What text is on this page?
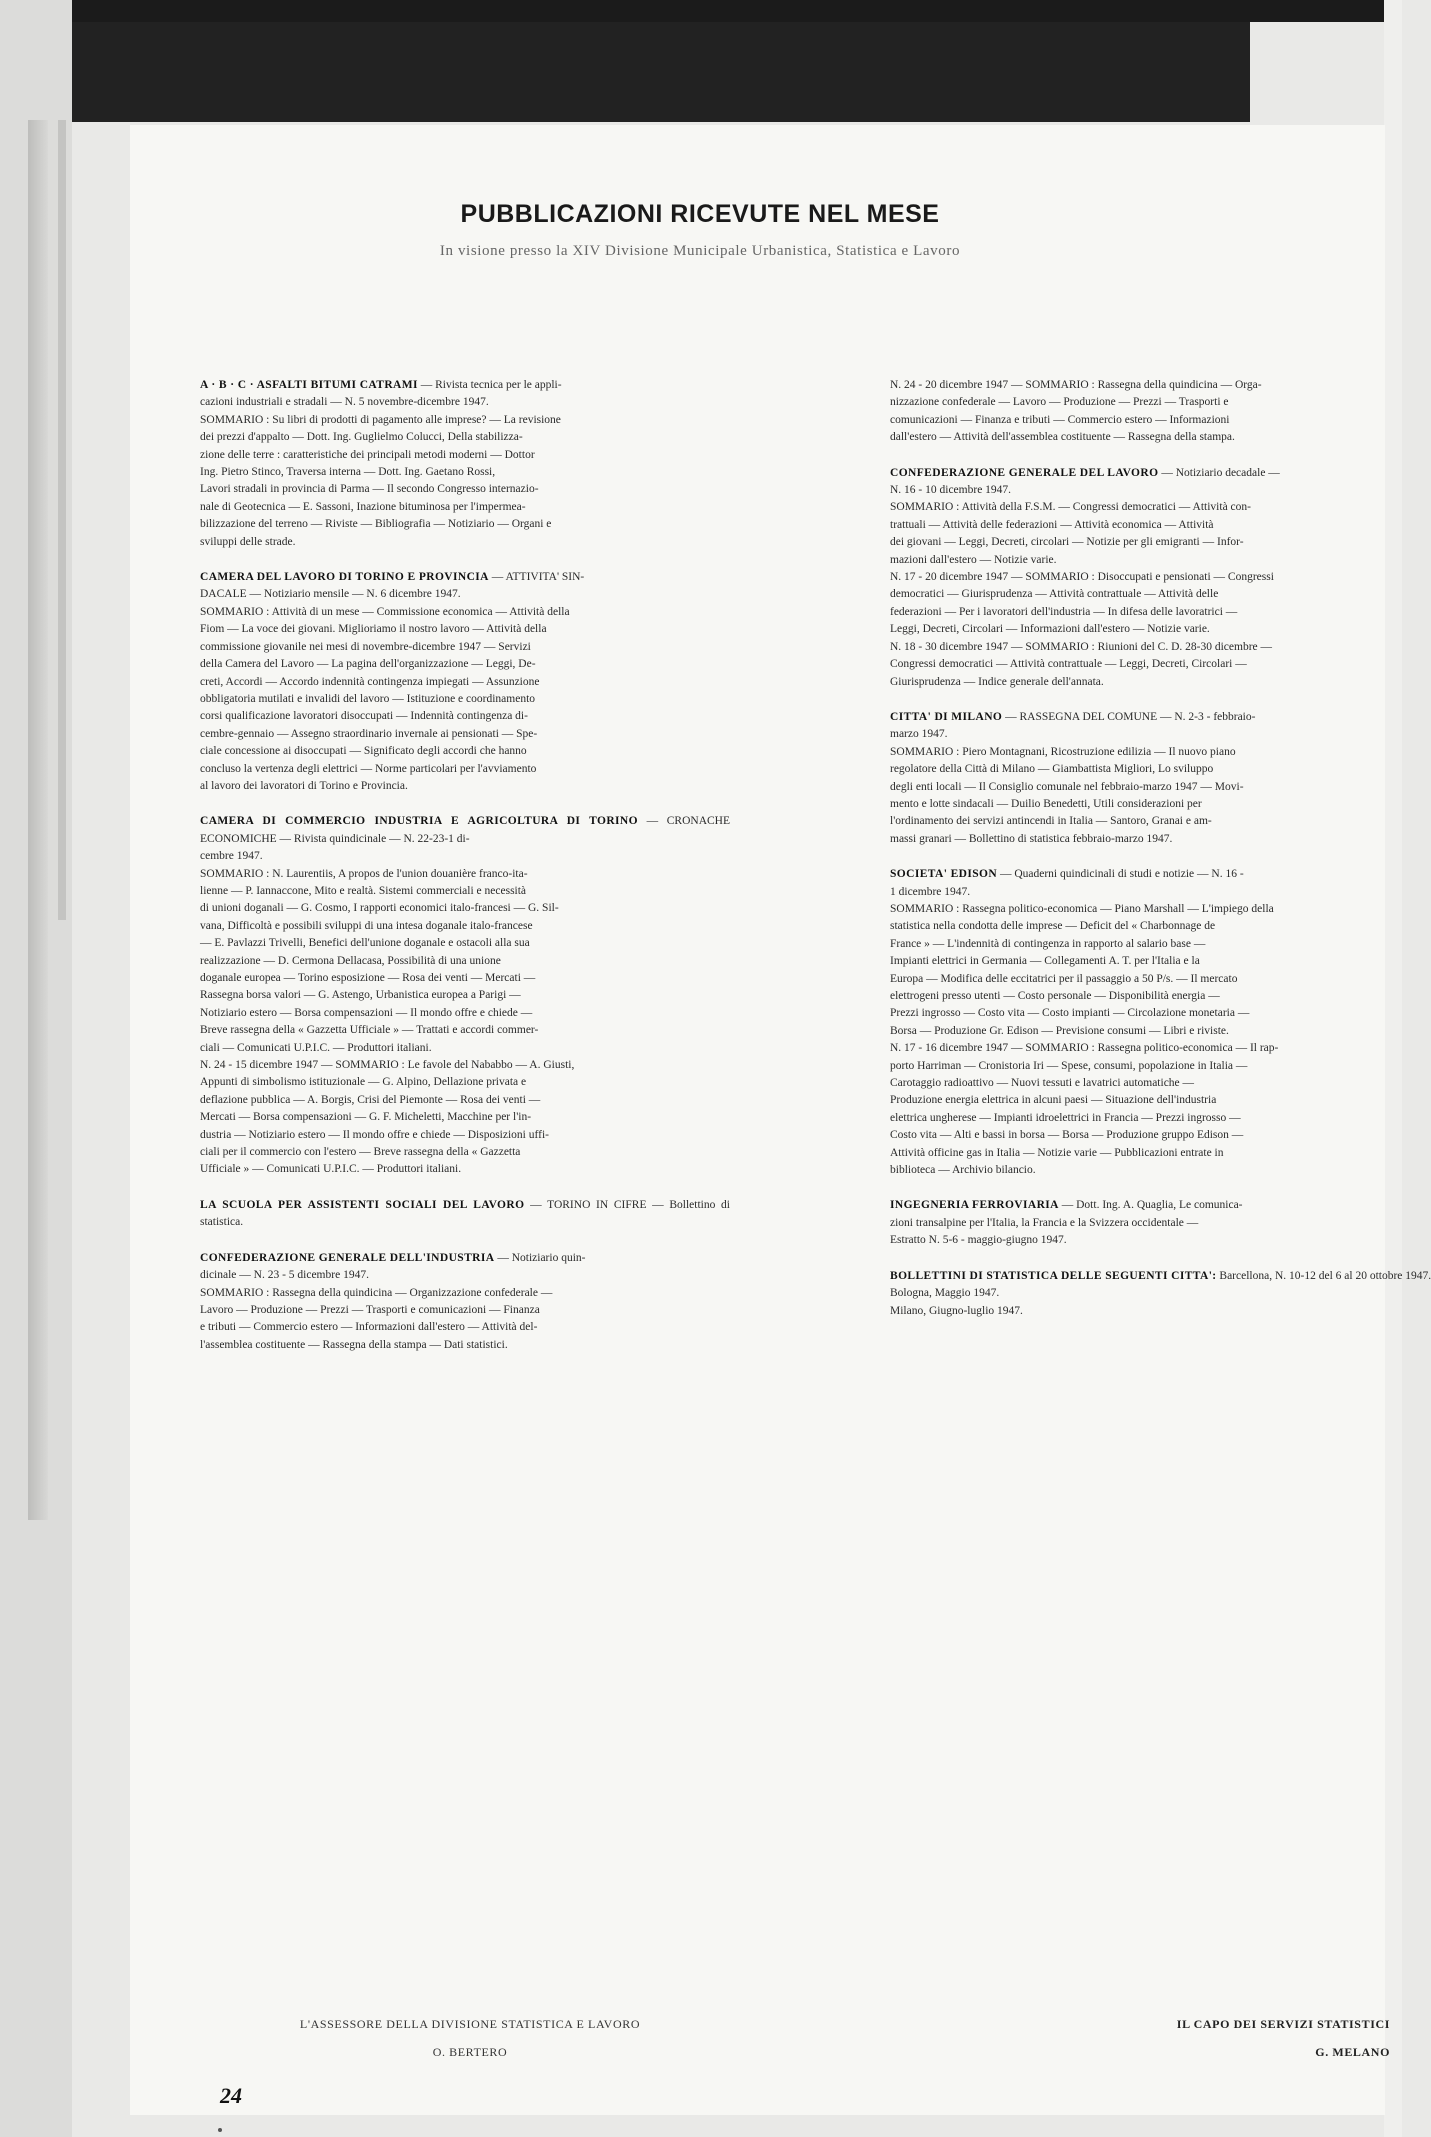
PUBBLICAZIONI RICEVUTE NEL MESE
In visione presso la XIV Divisione Municipale Urbanistica, Statistica e Lavoro

A · B · C · ASFALTI BITUMI CATRAMI — Rivista tecnica per le appli-

cazioni industriali e stradali — N. 5 novembre-dicembre 1947.

SOMMARIO : Su libri di prodotti di pagamento alle imprese? — La revisione

dei prezzi d'appalto — Dott. Ing. Guglielmo Colucci, Della stabilizza-

zione delle terre : caratteristiche dei principali metodi moderni — Dottor

Ing. Pietro Stinco, Traversa interna — Dott. Ing. Gaetano Rossi,

Lavori stradali in provincia di Parma — Il secondo Congresso internazio-

nale di Geotecnica — E. Sassoni, Inazione bituminosa per l'impermea-

bilizzazione del terreno — Riviste — Bibliografia — Notiziario — Organi e

sviluppi delle strade.

CAMERA DEL LAVORO DI TORINO E PROVINCIA — ATTIVITA' SIN-

DACALE — Notiziario mensile — N. 6 dicembre 1947.

SOMMARIO : Attività di un mese — Commissione economica — Attività della

Fiom — La voce dei giovani. Miglioriamo il nostro lavoro — Attività della

commissione giovanile nei mesi di novembre-dicembre 1947 — Servizi

della Camera del Lavoro — La pagina dell'organizzazione — Leggi, De-

creti, Accordi — Accordo indennità contingenza impiegati — Assunzione

obbligatoria mutilati e invalidi del lavoro — Istituzione e coordinamento

corsi qualificazione lavoratori disoccupati — Indennità contingenza di-

cembre-gennaio — Assegno straordinario invernale ai pensionati — Spe-

ciale concessione ai disoccupati — Significato degli accordi che hanno

concluso la vertenza degli elettrici — Norme particolari per l'avviamento

al lavoro dei lavoratori di Torino e Provincia.

CAMERA DI COMMERCIO INDUSTRIA E AGRICOLTURA DI TORINO — CRONACHE ECONOMICHE — Rivista quindicinale — N. 22-23-1 di-

cembre 1947.

SOMMARIO : N. Laurentiis, A propos de l'union douanière franco-ita-

lienne — P. Iannaccone, Mito e realtà. Sistemi commerciali e necessità

di unioni doganali — G. Cosmo, I rapporti economici italo-francesi — G. Sil-

vana, Difficoltà e possibili sviluppi di una intesa doganale italo-francese

— E. Pavlazzi Trivelli, Benefici dell'unione doganale e ostacoli alla sua

realizzazione — D. Cermona Dellacasa, Possibilità di una unione

doganale europea — Torino esposizione — Rosa dei venti — Mercati —

Rassegna borsa valori — G. Astengo, Urbanistica europea a Parigi —

Notiziario estero — Borsa compensazioni — Il mondo offre e chiede —

Breve rassegna della « Gazzetta Ufficiale » — Trattati e accordi commer-

ciali — Comunicati U.P.I.C. — Produttori italiani.

N. 24 - 15 dicembre 1947 — SOMMARIO : Le favole del Nababbo — A. Giusti,

Appunti di simbolismo istituzionale — G. Alpino, Dellazione privata e

deflazione pubblica — A. Borgis, Crisi del Piemonte — Rosa dei venti —

Mercati — Borsa compensazioni — G. F. Micheletti, Macchine per l'in-

dustria — Notiziario estero — Il mondo offre e chiede — Disposizioni uffi-

ciali per il commercio con l'estero — Breve rassegna della « Gazzetta

Ufficiale » — Comunicati U.P.I.C. — Produttori italiani.

LA SCUOLA PER ASSISTENTI SOCIALI DEL LAVORO — TORINO IN CIFRE — Bollettino di statistica.

CONFEDERAZIONE GENERALE DELL'INDUSTRIA — Notiziario quin-

dicinale — N. 23 - 5 dicembre 1947.

SOMMARIO : Rassegna della quindicina — Organizzazione confederale —

Lavoro — Produzione — Prezzi — Trasporti e comunicazioni — Finanza

e tributi — Commercio estero — Informazioni dall'estero — Attività del-

l'assemblea costituente — Rassegna della stampa — Dati statistici.

N. 24 - 20 dicembre 1947 — SOMMARIO : Rassegna della quindicina — Orga-

nizzazione confederale — Lavoro — Produzione — Prezzi — Trasporti e

comunicazioni — Finanza e tributi — Commercio estero — Informazioni

dall'estero — Attività dell'assemblea costituente — Rassegna della stampa.

CONFEDERAZIONE GENERALE DEL LAVORO — Notiziario decadale —

N. 16 - 10 dicembre 1947.

SOMMARIO : Attività della F.S.M. — Congressi democratici — Attività con-

trattuali — Attività delle federazioni — Attività economica — Attività

dei giovani — Leggi, Decreti, circolari — Notizie per gli emigranti — Infor-

mazioni dall'estero — Notizie varie.

N. 17 - 20 dicembre 1947 — SOMMARIO : Disoccupati e pensionati — Congressi

democratici — Giurisprudenza — Attività contrattuale — Attività delle

federazioni — Per i lavoratori dell'industria — In difesa delle lavoratrici —

Leggi, Decreti, Circolari — Informazioni dall'estero — Notizie varie.

N. 18 - 30 dicembre 1947 — SOMMARIO : Riunioni del C. D. 28-30 dicembre —

Congressi democratici — Attività contrattuale — Leggi, Decreti, Circolari —

Giurisprudenza — Indice generale dell'annata.

CITTA' DI MILANO — RASSEGNA DEL COMUNE — N. 2-3 - febbraio-

marzo 1947.

SOMMARIO : Piero Montagnani, Ricostruzione edilizia — Il nuovo piano

regolatore della Città di Milano — Giambattista Migliori, Lo sviluppo

degli enti locali — Il Consiglio comunale nel febbraio-marzo 1947 — Movi-

mento e lotte sindacali — Duilio Benedetti, Utili considerazioni per

l'ordinamento dei servizi antincendi in Italia — Santoro, Granai e am-

massi granari — Bollettino di statistica febbraio-marzo 1947.

SOCIETA' EDISON — Quaderni quindicinali di studi e notizie — N. 16 -

1 dicembre 1947.

SOMMARIO : Rassegna politico-economica — Piano Marshall — L'impiego della

statistica nella condotta delle imprese — Deficit del « Charbonnage de

France » — L'indennità di contingenza in rapporto al salario base —

Impianti elettrici in Germania — Collegamenti A. T. per l'Italia e la

Europa — Modifica delle eccitatrici per il passaggio a 50 P/s. — Il mercato

elettrogeni presso utenti — Costo personale — Disponibilità energia —

Prezzi ingrosso — Costo vita — Costo impianti — Circolazione monetaria —

Borsa — Produzione Gr. Edison — Previsione consumi — Libri e riviste.

N. 17 - 16 dicembre 1947 — SOMMARIO : Rassegna politico-economica — Il rap-

porto Harriman — Cronistoria Iri — Spese, consumi, popolazione in Italia —

Carotaggio radioattivo — Nuovi tessuti e lavatrici automatiche —

Produzione energia elettrica in alcuni paesi — Situazione dell'industria

elettrica ungherese — Impianti idroelettrici in Francia — Prezzi ingrosso —

Costo vita — Alti e bassi in borsa — Borsa — Produzione gruppo Edison —

Attività officine gas in Italia — Notizie varie — Pubblicazioni entrate in

biblioteca — Archivio bilancio.

INGEGNERIA FERROVIARIA — Dott. Ing. A. Quaglia, Le comunica-

zioni transalpine per l'Italia, la Francia e la Svizzera occidentale —

Estratto N. 5-6 - maggio-giugno 1947.

BOLLETTINI DI STATISTICA DELLE SEGUENTI CITTA': Barcellona, N. 10-12 del 6 al 20 ottobre 1947.

Bologna, Maggio 1947.

Milano, Giugno-luglio 1947.

L'ASSESSORE DELLA DIVISIONE STATISTICA E LAVORO
O. BERTERO
IL CAPO DEI SERVIZI STATISTICI
G. MELANO
24
